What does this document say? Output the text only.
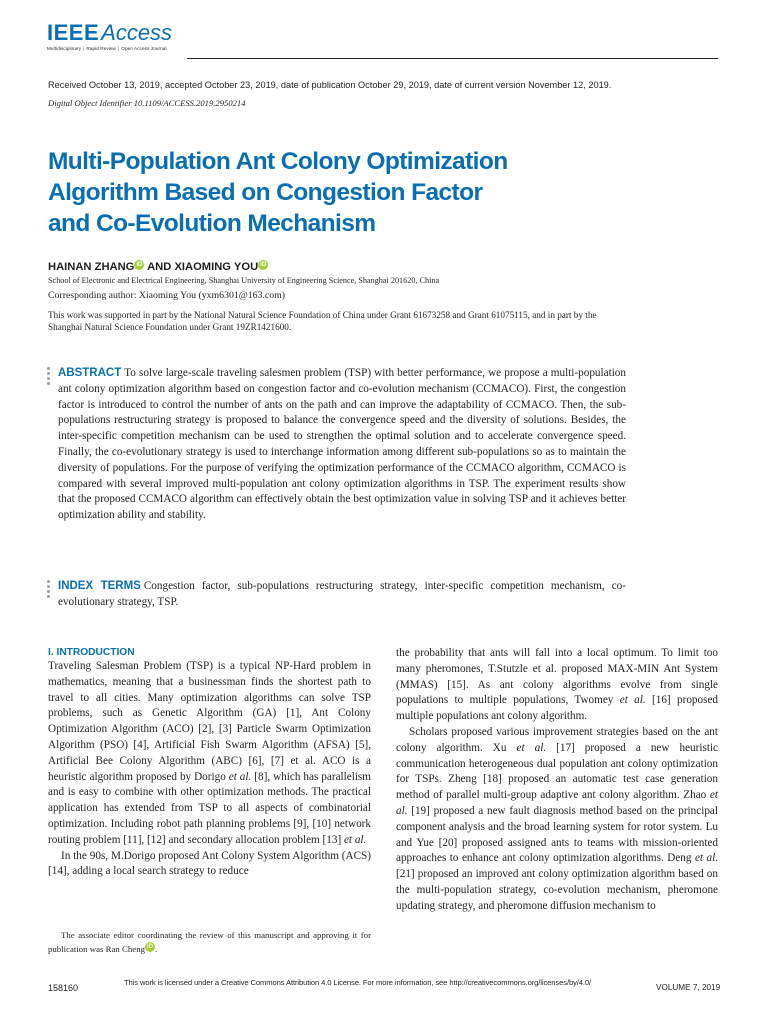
IEEEAccess
Multidisciplinary | Rapid Review | Open Access Journal
Received October 13, 2019, accepted October 23, 2019, date of publication October 29, 2019, date of current version November 12, 2019.
Digital Object Identifier 10.1109/ACCESS.2019.2950214
Multi-Population Ant Colony Optimization
Algorithm Based on Congestion Factor
and Co-Evolution Mechanism
HAINAN ZHANG iD AND XIAOMING YOU iD
School of Electronic and Electrical Engineering, Shanghai University of Engineering Science, Shanghai 201620, China
Corresponding author: Xiaoming You (yxm6301@163.com)
This work was supported in part by the National Natural Science Foundation of China under Grant 61673258 and Grant 61075115, and in part by the Shanghai Natural Science Foundation under Grant 19ZR1421600.
ABSTRACT To solve large-scale traveling salesmen problem (TSP) with better performance, we propose a multi-population ant colony optimization algorithm based on congestion factor and co-evolution mechanism (CCMACO). First, the congestion factor is introduced to control the number of ants on the path and can improve the adaptability of CCMACO. Then, the sub-populations restructuring strategy is proposed to balance the convergence speed and the diversity of solutions. Besides, the inter-specific competition mechanism can be used to strengthen the optimal solution and to accelerate convergence speed. Finally, the co-evolutionary strategy is used to interchange information among different sub-populations so as to maintain the diversity of populations. For the purpose of verifying the optimization performance of the CCMACO algorithm, CCMACO is compared with several improved multi-population ant colony optimization algorithms in TSP. The experiment results show that the proposed CCMACO algorithm can effectively obtain the best optimization value in solving TSP and it achieves better optimization ability and stability.
INDEX TERMS Congestion factor, sub-populations restructuring strategy, inter-specific competition mechanism, co-evolutionary strategy, TSP.
I. INTRODUCTION

Traveling Salesman Problem (TSP) is a typical NP-Hard problem in mathematics, meaning that a businessman finds the shortest path to travel to all cities. Many optimization algorithms can solve TSP problems, such as Genetic Algorithm (GA) [1], Ant Colony Optimization Algorithm (ACO) [2], [3] Particle Swarm Optimization Algorithm (PSO) [4], Artificial Fish Swarm Algorithm (AFSA) [5], Artificial Bee Colony Algorithm (ABC) [6], [7] et al. ACO is a heuristic algorithm proposed by Dorigo et al. [8], which has parallelism and is easy to combine with other optimization methods. The practical application has extended from TSP to all aspects of combinatorial optimization. Including robot path planning problems [9], [10] network routing problem [11], [12] and secondary allocation problem [13] et al.

In the 90s, M.Dorigo proposed Ant Colony System Algorithm (ACS) [14], adding a local search strategy to reduce

The associate editor coordinating the review of this manuscript and approving it for publication was Ran Cheng iD .

the probability that ants will fall into a local optimum. To limit too many pheromones, T.Stutzle et al. proposed MAX-MIN Ant System (MMAS) [15]. As ant colony algorithms evolve from single populations to multiple populations, Twomey et al. [16] proposed multiple populations ant colony algorithm.

Scholars proposed various improvement strategies based on the ant colony algorithm. Xu et al. [17] proposed a new heuristic communication heterogeneous dual population ant colony optimization for TSPs. Zheng [18] proposed an automatic test case generation method of parallel multi-group adaptive ant colony algorithm. Zhao et al. [19] proposed a new fault diagnosis method based on the principal component analysis and the broad learning system for rotor system. Lu and Yue [20] proposed assigned ants to teams with mission-oriented approaches to enhance ant colony optimization algorithms. Deng et al. [21] proposed an improved ant colony optimization algorithm based on the multi-population strategy, co-evolution mechanism, pheromone updating strategy, and pheromone diffusion mechanism to

158160
This work is licensed under a Creative Commons Attribution 4.0 License. For more information, see http://creativecommons.org/licenses/by/4.0/
VOLUME 7, 2019
